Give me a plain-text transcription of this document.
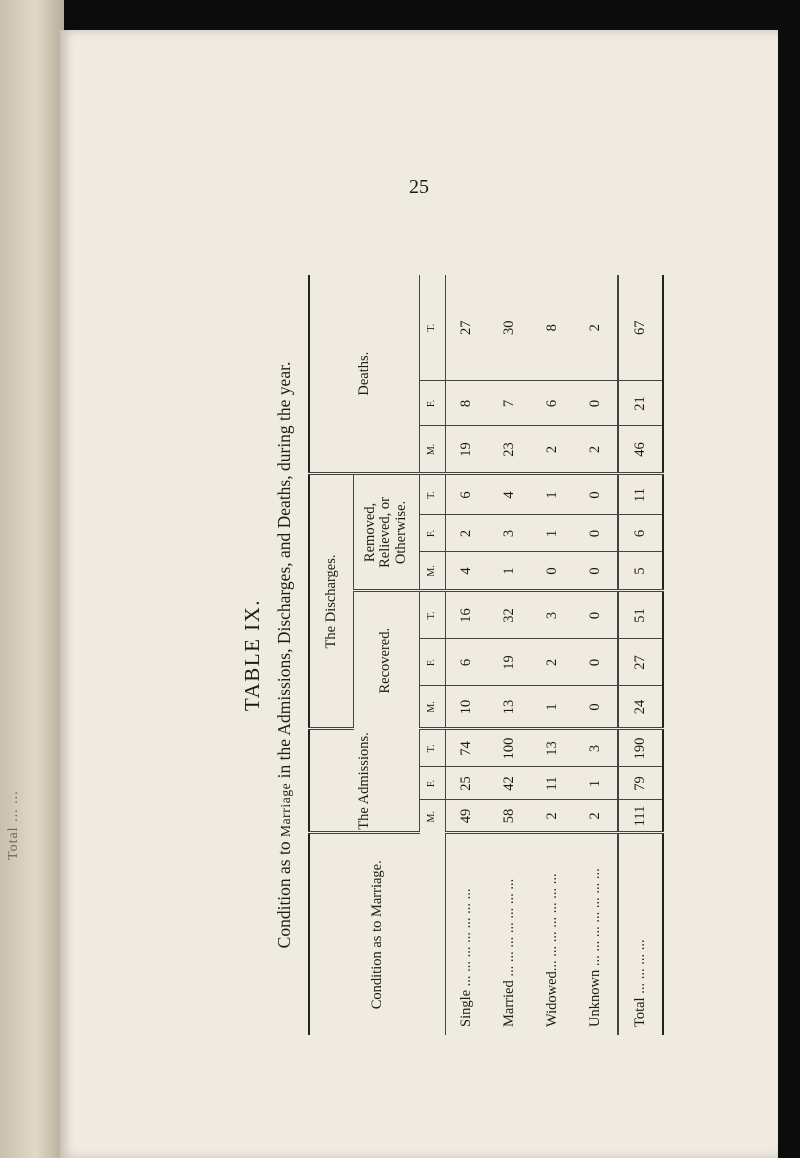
Total ... ...
25
TABLE IX.
Condition as to Marriage in the Admissions, Discharges, and Deaths, during the year.
Condition as to Marriage.	The Admissions.			The Discharges.						Deaths.		
				Recovered.			Removed, Relieved, or Otherwise.					
	M.	F.	T.	M.	F.	T.	M.	F.	T.	M.	F.	T.
Single ... ... ... ... ... ... ...	49	25	74	10	6	16	4	2	6	19	8	27
Married ... ... ... ... ... ... ...	58	42	100	13	19	32	1	3	4	23	7	30
Widowed... ... ... ... ... ... ...	2	11	13	1	2	3	0	1	1	2	6	8
Unknown ... ... ... ... ... ... ...	2	1	3	0	0	0	0	0	0	2	0	2
Total ... ... ... ...	111	79	190	24	27	51	5	6	11	46	21	67
